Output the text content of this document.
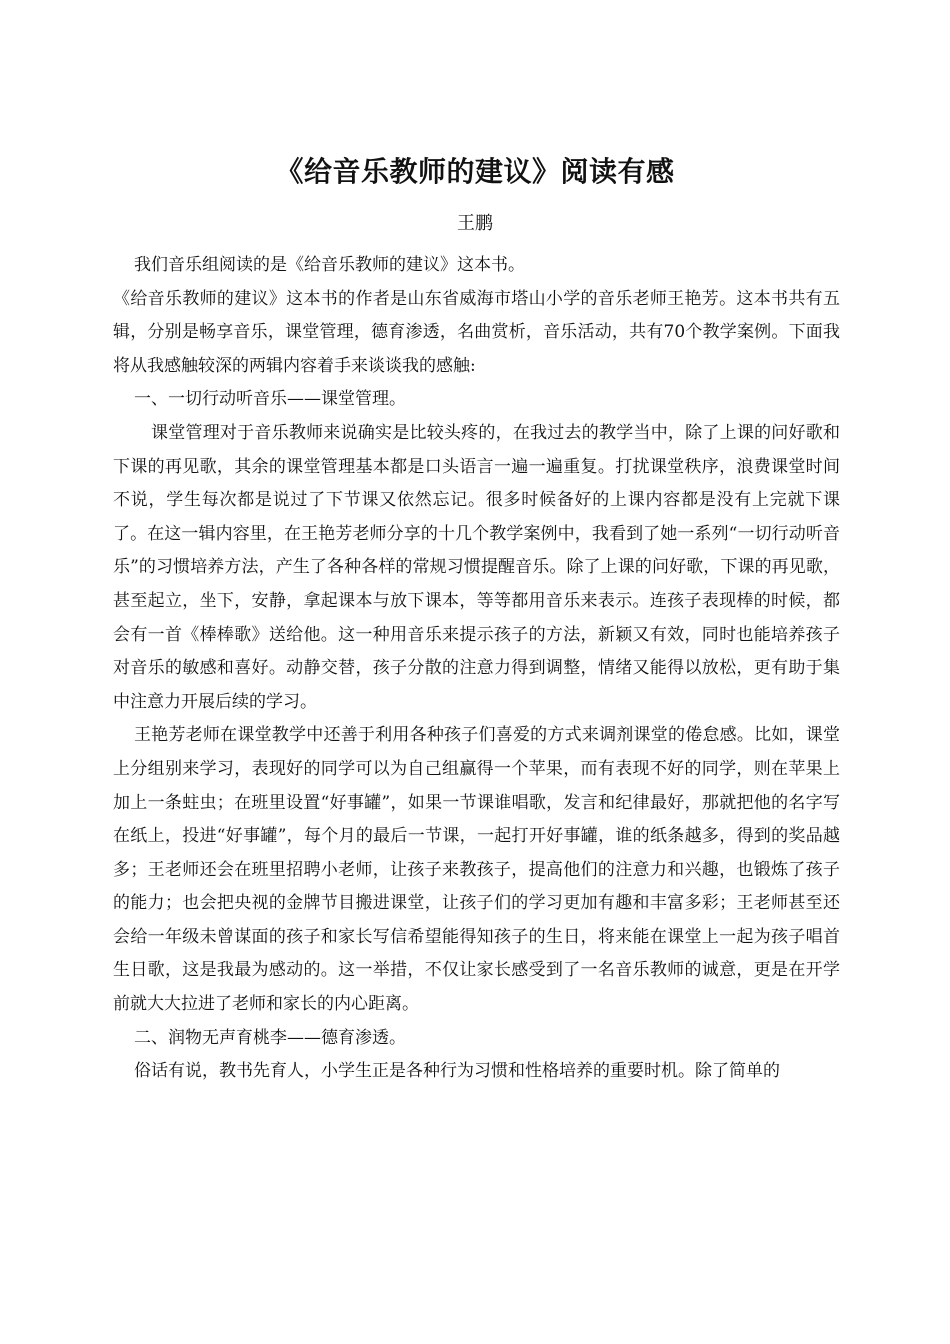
《给音乐教师的建议》阅读有感
王鹏

我们音乐组阅读的是《给音乐教师的建议》这本书。

《给音乐教师的建议》这本书的作者是山东省威海市塔山小学的音乐老师王艳芳。这本书共有五辑，分别是畅享音乐，课堂管理，德育渗透，名曲赏析，音乐活动，共有70个教学案例。下面我将从我感触较深的两辑内容着手来谈谈我的感触:

一、一切行动听音乐——课堂管理。

课堂管理对于音乐教师来说确实是比较头疼的，在我过去的教学当中，除了上课的问好歌和下课的再见歌，其余的课堂管理基本都是口头语言一遍一遍重复。打扰课堂秩序，浪费课堂时间不说，学生每次都是说过了下节课又依然忘记。很多时候备好的上课内容都是没有上完就下课了。在这一辑内容里，在王艳芳老师分享的十几个教学案例中，我看到了她一系列“一切行动听音乐”的习惯培养方法，产生了各种各样的常规习惯提醒音乐。除了上课的问好歌，下课的再见歌，甚至起立，坐下，安静，拿起课本与放下课本，等等都用音乐来表示。连孩子表现棒的时候，都会有一首《棒棒歌》送给他。这一种用音乐来提示孩子的方法，新颖又有效，同时也能培养孩子对音乐的敏感和喜好。动静交替，孩子分散的注意力得到调整，情绪又能得以放松，更有助于集中注意力开展后续的学习。

王艳芳老师在课堂教学中还善于利用各种孩子们喜爱的方式来调剂课堂的倦怠感。比如，课堂上分组别来学习，表现好的同学可以为自己组赢得一个苹果，而有表现不好的同学，则在苹果上加上一条蛀虫；在班里设置“好事罐”，如果一节课谁唱歌，发言和纪律最好，那就把他的名字写在纸上，投进“好事罐”，每个月的最后一节课，一起打开好事罐，谁的纸条越多，得到的奖品越多；王老师还会在班里招聘小老师，让孩子来教孩子，提高他们的注意力和兴趣，也锻炼了孩子的能力；也会把央视的金牌节目搬进课堂，让孩子们的学习更加有趣和丰富多彩；王老师甚至还会给一年级未曾谋面的孩子和家长写信希望能得知孩子的生日，将来能在课堂上一起为孩子唱首生日歌，这是我最为感动的。这一举措，不仅让家长感受到了一名音乐教师的诚意，更是在开学前就大大拉进了老师和家长的内心距离。

二、润物无声育桃李——德育渗透。

俗话有说，教书先育人，小学生正是各种行为习惯和性格培养的重要时机。除了简单的
